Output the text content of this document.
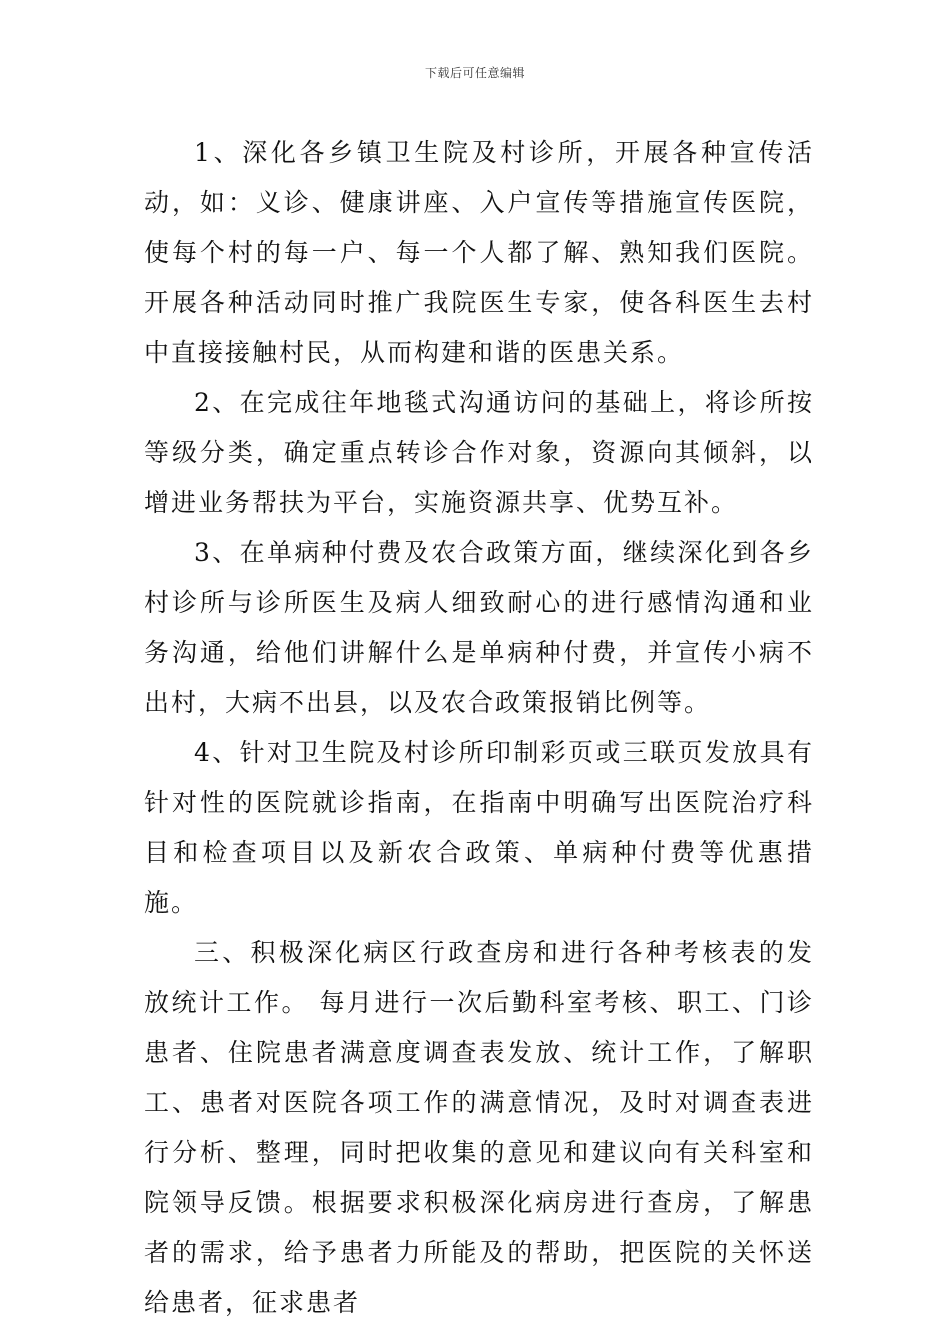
下载后可任意编辑

1、深化各乡镇卫生院及村诊所，开展各种宣传活动，如：义诊、健康讲座、入户宣传等措施宣传医院，使每个村的每一户、每一个人都了解、熟知我们医院。开展各种活动同时推广我院医生专家，使各科医生去村中直接接触村民，从而构建和谐的医患关系。

2、在完成往年地毯式沟通访问的基础上，将诊所按等级分类，确定重点转诊合作对象，资源向其倾斜，以增进业务帮扶为平台，实施资源共享、优势互补。

3、在单病种付费及农合政策方面，继续深化到各乡村诊所与诊所医生及病人细致耐心的进行感情沟通和业务沟通，给他们讲解什么是单病种付费，并宣传小病不出村，大病不出县，以及农合政策报销比例等。

4、针对卫生院及村诊所印制彩页或三联页发放具有针对性的医院就诊指南，在指南中明确写出医院治疗科目和检查项目以及新农合政策、单病种付费等优惠措施。

三、积极深化病区行政查房和进行各种考核表的发放统计工作。 每月进行一次后勤科室考核、职工、门诊患者、住院患者满意度调查表发放、统计工作，了解职工、患者对医院各项工作的满意情况，及时对调查表进行分析、整理，同时把收集的意见和建议向有关科室和院领导反馈。根据要求积极深化病房进行查房，了解患者的需求，给予患者力所能及的帮助，把医院的关怀送给患者，征求患者
